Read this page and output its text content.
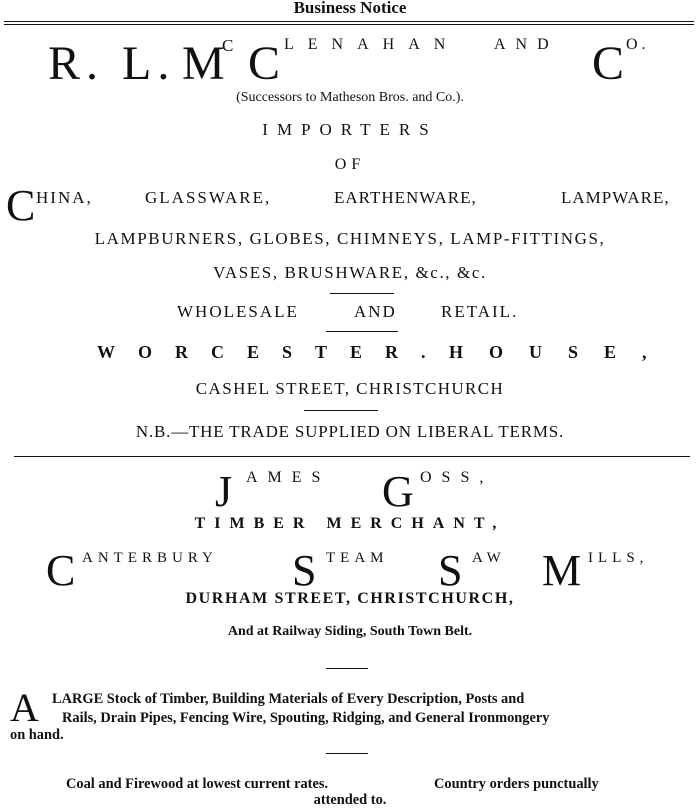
Business Notice
R. L. M
C C LENAHAN AND C O.
(Successors to Matheson Bros. and Co.).
IMPORTERS
OF
C HINA,	GLASSWARE,	EARTHENWARE,	LAMPWARE,
LAMPBURNERS, GLOBES, CHIMNEYS, LAMP-FITTINGS,
VASES, BRUSHWARE, &c., &c.
WHOLESALE	AND	RETAIL.
WORCESTER. HOUSE,
CASHEL STREET, CHRISTCHURCH
N.B.—THE TRADE SUPPLIED ON LIBERAL TERMS.
J AMES G OSS,
TIMBER MERCHANT,
C ANTERBURY S TEAM S AW M ILLS,
DURHAM STREET, CHRISTCHURCH,
And at Railway Siding, South Town Belt.
A LARGE Stock of Timber, Building Materials of Every Description, Posts and
Rails, Drain Pipes, Fencing Wire, Spouting, Ridging, and General Ironmongery
on hand.
Coal and Firewood at lowest current rates.	Country orders punctually
attended to.
